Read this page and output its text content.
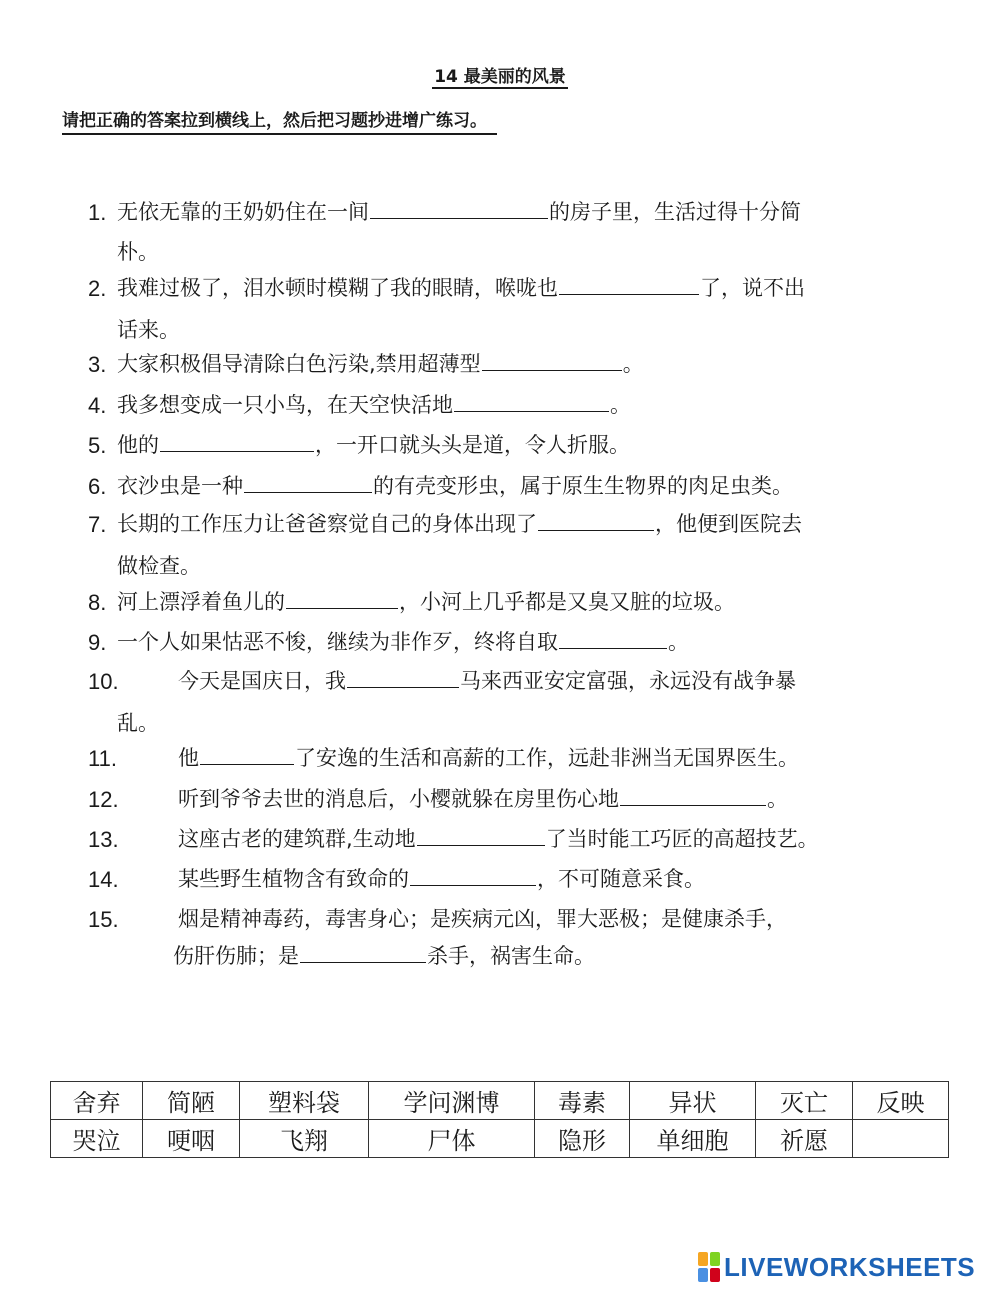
14 最美丽的风景
请把正确的答案拉到横线上，然后把习题抄进增广练习。
1. 无依无靠的王奶奶住在一间	的房子里，生活过得十分简
朴。
2. 我难过极了，泪水顿时模糊了我的眼睛，喉咙也	了，说不出
话来。
3. 大家积极倡导清除白色污染,禁用超薄型	。
4. 我多想变成一只小鸟，在天空快活地	。
5. 他的	，一开口就头头是道，令人折服。
6. 衣沙虫是一种	的有壳变形虫，属于原生生物界的肉足虫类。
7. 长期的工作压力让爸爸察觉自己的身体出现了	，他便到医院去
做检查。
8. 河上漂浮着鱼儿的	，小河上几乎都是又臭又脏的垃圾。
9. 一个人如果怙恶不悛，继续为非作歹，终将自取	。
10.	今天是国庆日，我	马来西亚安定富强，永远没有战争暴
乱。
11.	他	了安逸的生活和高薪的工作，远赴非洲当无国界医生。
12.	听到爷爷去世的消息后，小樱就躲在房里伤心地	。
13.	这座古老的建筑群,生动地	了当时能工巧匠的高超技艺。
14.	某些野生植物含有致命的	，不可随意采食。
15.	烟是精神毒药，毒害身心；是疾病元凶，罪大恶极；是健康杀手，
伤肝伤肺；是	杀手，祸害生命。
舍弃	简陋	塑料袋	学问渊博	毒素	异状	灭亡	反映
哭泣	哽咽	飞翔	尸体	隐形	单细胞	祈愿	
LIVEWORKSHEETS
